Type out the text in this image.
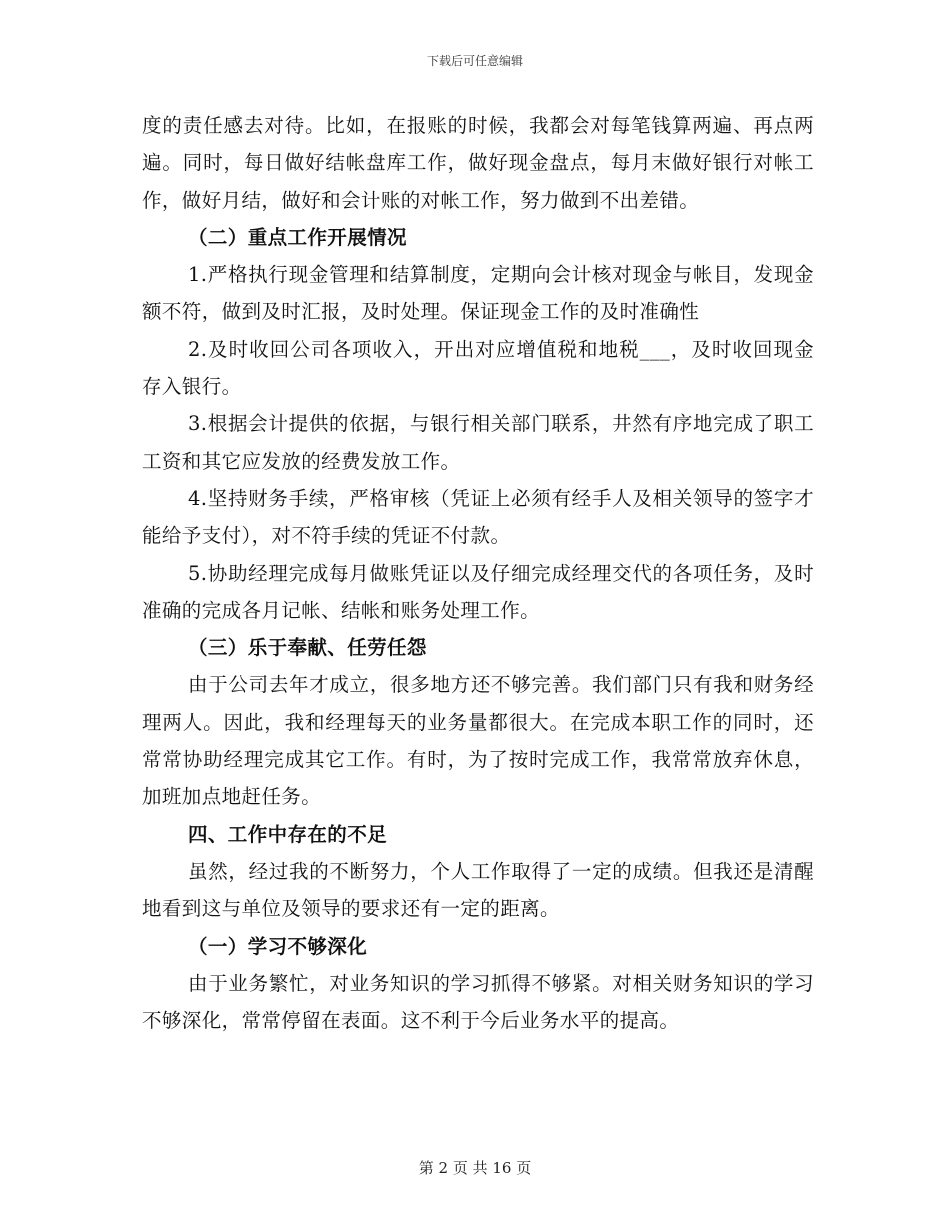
下载后可任意编辑

度的责任感去对待。比如，在报账的时候，我都会对每笔钱算两遍、再点两遍。同时，每日做好结帐盘库工作，做好现金盘点，每月末做好银行对帐工作，做好月结，做好和会计账的对帐工作，努力做到不出差错。

（二）重点工作开展情况

1.严格执行现金管理和结算制度，定期向会计核对现金与帐目，发现金额不符，做到及时汇报，及时处理。保证现金工作的及时准确性

2.及时收回公司各项收入，开出对应增值税和地税___，及时收回现金存入银行。

3.根据会计提供的依据，与银行相关部门联系，井然有序地完成了职工工资和其它应发放的经费发放工作。

4.坚持财务手续，严格审核（凭证上必须有经手人及相关领导的签字才能给予支付），对不符手续的凭证不付款。

5.协助经理完成每月做账凭证以及仔细完成经理交代的各项任务，及时准确的完成各月记帐、结帐和账务处理工作。

（三）乐于奉献、任劳任怨

由于公司去年才成立，很多地方还不够完善。我们部门只有我和财务经理两人。因此，我和经理每天的业务量都很大。在完成本职工作的同时，还常常协助经理完成其它工作。有时，为了按时完成工作，我常常放弃休息，加班加点地赶任务。

四、工作中存在的不足

虽然，经过我的不断努力，个人工作取得了一定的成绩。但我还是清醒地看到这与单位及领导的要求还有一定的距离。

（一）学习不够深化

由于业务繁忙，对业务知识的学习抓得不够紧。对相关财务知识的学习不够深化，常常停留在表面。这不利于今后业务水平的提高。

第 2 页 共 16 页
